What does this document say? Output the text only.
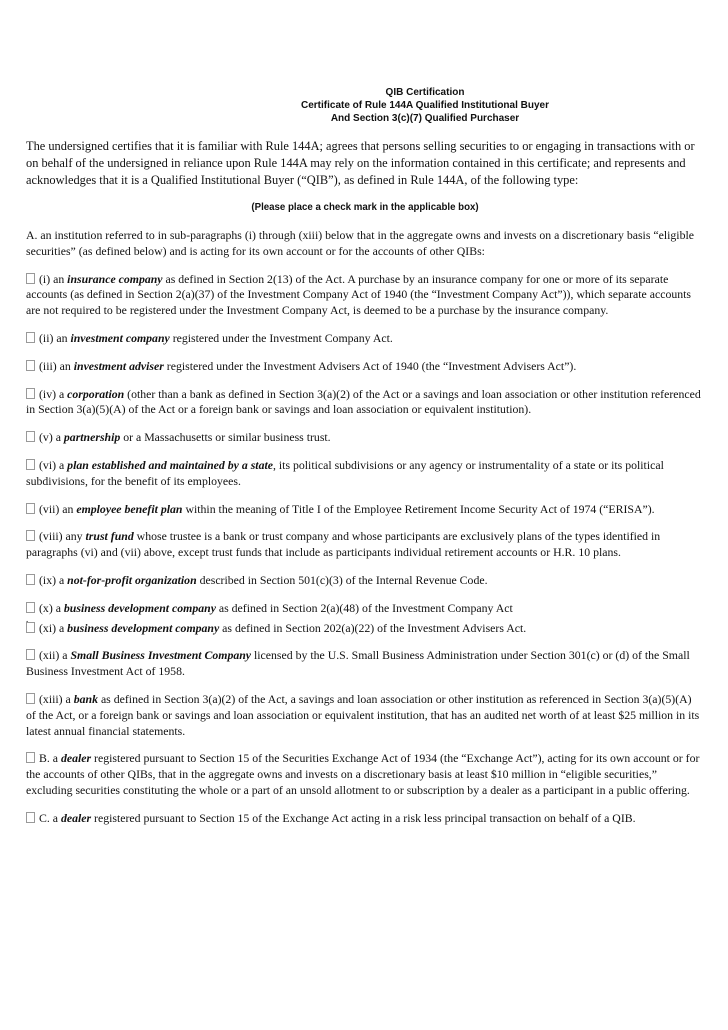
QIB Certification
Certificate of Rule 144A Qualified Institutional Buyer
And Section 3(c)(7) Qualified Purchaser

The undersigned certifies that it is familiar with Rule 144A; agrees that persons selling securities to or engaging in transactions with or on behalf of the undersigned in reliance upon Rule 144A may rely on the information contained in this certificate; and represents and acknowledges that it is a Qualified Institutional Buyer (“QIB”), as defined in Rule 144A, of the following type:

(Please place a check mark in the applicable box)

A. an institution referred to in sub-paragraphs (i) through (xiii) below that in the aggregate owns and invests on a discretionary basis “eligible securities” (as defined below) and is acting for its own account or for the accounts of other QIBs:

(i) an insurance company as defined in Section 2(13) of the Act. A purchase by an insurance company for one or more of its separate accounts (as defined in Section 2(a)(37) of the Investment Company Act of 1940 (the “Investment Company Act”)), which separate accounts are not required to be registered under the Investment Company Act, is deemed to be a purchase by the insurance company.

(ii) an investment company registered under the Investment Company Act.

(iii) an investment adviser registered under the Investment Advisers Act of 1940 (the “Investment Advisers Act”).

(iv) a corporation (other than a bank as defined in Section 3(a)(2) of the Act or a savings and loan association or other institution referenced in Section 3(a)(5)(A) of the Act or a foreign bank or savings and loan association or equivalent institution).

(v) a partnership or a Massachusetts or similar business trust.

(vi) a plan established and maintained by a state, its political subdivisions or any agency or instrumentality of a state or its political subdivisions, for the benefit of its employees.

(vii) an employee benefit plan within the meaning of Title I of the Employee Retirement Income Security Act of 1974 (“ERISA”).

(viii) any trust fund whose trustee is a bank or trust company and whose participants are exclusively plans of the types identified in paragraphs (vi) and (vii) above, except trust funds that include as participants individual retirement accounts or H.R. 10 plans.

(ix) a not-for-profit organization described in Section 501(c)(3) of the Internal Revenue Code.

(x) a business development company as defined in Section 2(a)(48) of the Investment Company Act

.

(xi) a business development company as defined in Section 202(a)(22) of the Investment Advisers Act.

(xii) a Small Business Investment Company licensed by the U.S. Small Business Administration under Section 301(c) or (d) of the Small Business Investment Act of 1958.

(xiii) a bank as defined in Section 3(a)(2) of the Act, a savings and loan association or other institution as referenced in Section 3(a)(5)(A) of the Act, or a foreign bank or savings and loan association or equivalent institution, that has an audited net worth of at least $25 million in its latest annual financial statements.

B. a dealer registered pursuant to Section 15 of the Securities Exchange Act of 1934 (the “Exchange Act”), acting for its own account or for the accounts of other QIBs, that in the aggregate owns and invests on a discretionary basis at least $10 million in “eligible securities,” excluding securities constituting the whole or a part of an unsold allotment to or subscription by a dealer as a participant in a public offering.

C. a dealer registered pursuant to Section 15 of the Exchange Act acting in a risk less principal transaction on behalf of a QIB.
